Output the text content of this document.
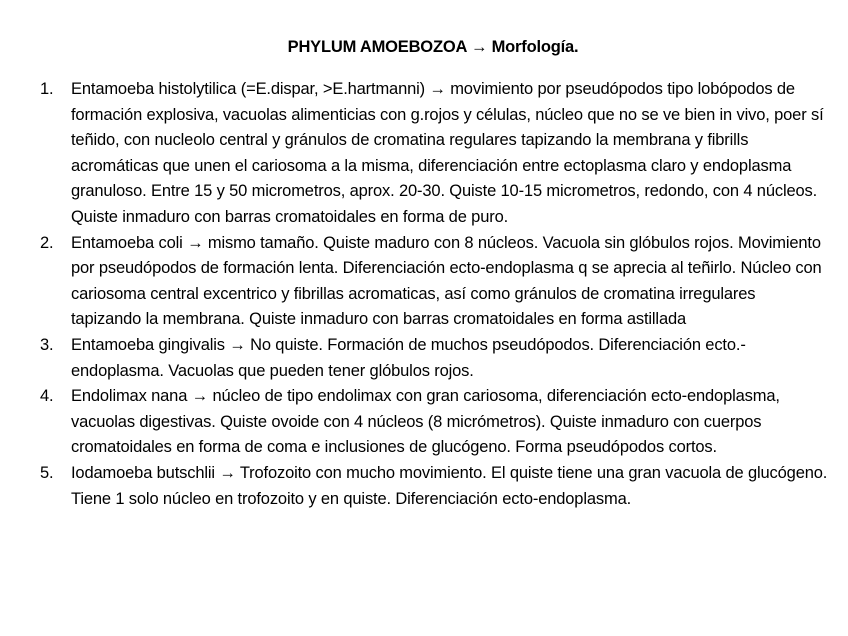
PHYLUM AMOEBOZOA → Morfología.
1. Entamoeba histolytilica (=E.dispar, >E.hartmanni) → movimiento por pseudópodos tipo lobópodos de formación explosiva, vacuolas alimenticias con g.rojos y células, núcleo que no se ve bien in vivo, poer sí teñido, con nucleolo central y gránulos de cromatina regulares tapizando la membrana y fibrills acromáticas que unen el cariosoma a la misma, diferenciación entre ectoplasma claro y endoplasma granuloso. Entre 15 y 50 micrometros, aprox. 20-30. Quiste 10-15 micrometros, redondo, con 4 núcleos. Quiste inmaduro con barras cromatoidales en forma de puro.
2. Entamoeba coli → mismo tamaño. Quiste maduro con 8 núcleos. Vacuola sin glóbulos rojos. Movimiento por pseudópodos de formación lenta. Diferenciación ecto-endoplasma q se aprecia al teñirlo. Núcleo con cariosoma central excentrico y fibrillas acromaticas, así como gránulos de cromatina irregulares tapizando la membrana. Quiste inmaduro con barras cromatoidales en forma astillada
3. Entamoeba gingivalis → No quiste. Formación de muchos pseudópodos. Diferenciación ecto.-endoplasma. Vacuolas que pueden tener glóbulos rojos.
4. Endolimax nana → núcleo de tipo endolimax con gran cariosoma, diferenciación ecto-endoplasma, vacuolas digestivas. Quiste ovoide con 4 núcleos (8 micrómetros). Quiste inmaduro con cuerpos cromatoidales en forma de coma e inclusiones de glucógeno. Forma pseudópodos cortos.
5. Iodamoeba butschlii → Trofozoito con mucho movimiento. El quiste tiene una gran vacuola de glucógeno. Tiene 1 solo núcleo en trofozoito y en quiste. Diferenciación ecto-endoplasma.
